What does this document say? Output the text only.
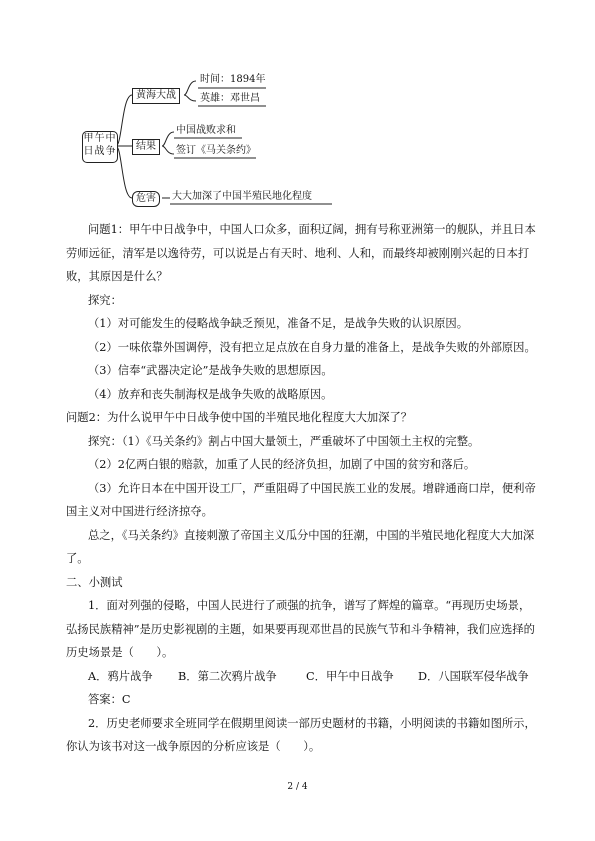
甲午中
日战争
黄海大战
时间：1894年
英雄：邓世昌
结果
中国战败求和
签订《马关条约》
危害	大大加深了中国半殖民地化程度

问题1：甲午中日战争中，中国人口众多，面积辽阔，拥有号称亚洲第一的舰队，并且日本劳师远征，清军是以逸待劳，可以说是占有天时、地利、人和，而最终却被刚刚兴起的日本打败，其原因是什么？

探究：

（1）对可能发生的侵略战争缺乏预见，准备不足，是战争失败的认识原因。

（2）一味依靠外国调停，没有把立足点放在自身力量的准备上，是战争失败的外部原因。

（3）信奉“武器决定论”是战争失败的思想原因。

（4）放弃和丧失制海权是战争失败的战略原因。

问题2：为什么说甲午中日战争使中国的半殖民地化程度大大加深了？

探究：（1）《马关条约》割占中国大量领土，严重破坏了中国领土主权的完整。

（2）2亿两白银的赔款，加重了人民的经济负担，加剧了中国的贫穷和落后。

（3）允许日本在中国开设工厂，严重阻碍了中国民族工业的发展。增辟通商口岸，便利帝国主义对中国进行经济掠夺。

总之，《马关条约》直接刺激了帝国主义瓜分中国的狂潮，中国的半殖民地化程度大大加深了。

二、小测试

1．面对列强的侵略，中国人民进行了顽强的抗争，谱写了辉煌的篇章。“再现历史场景，弘扬民族精神”是历史影视剧的主题，如果要再现邓世昌的民族气节和斗争精神，我们应选择的历史场景是（　　）。

A．鸦片战争	B．第二次鸦片战争	C．甲午中日战争	D．八国联军侵华战争

答案：C

2．历史老师要求全班同学在假期里阅读一部历史题材的书籍，小明阅读的书籍如图所示，你认为该书对这一战争原因的分析应该是（　　）。

2 / 4
